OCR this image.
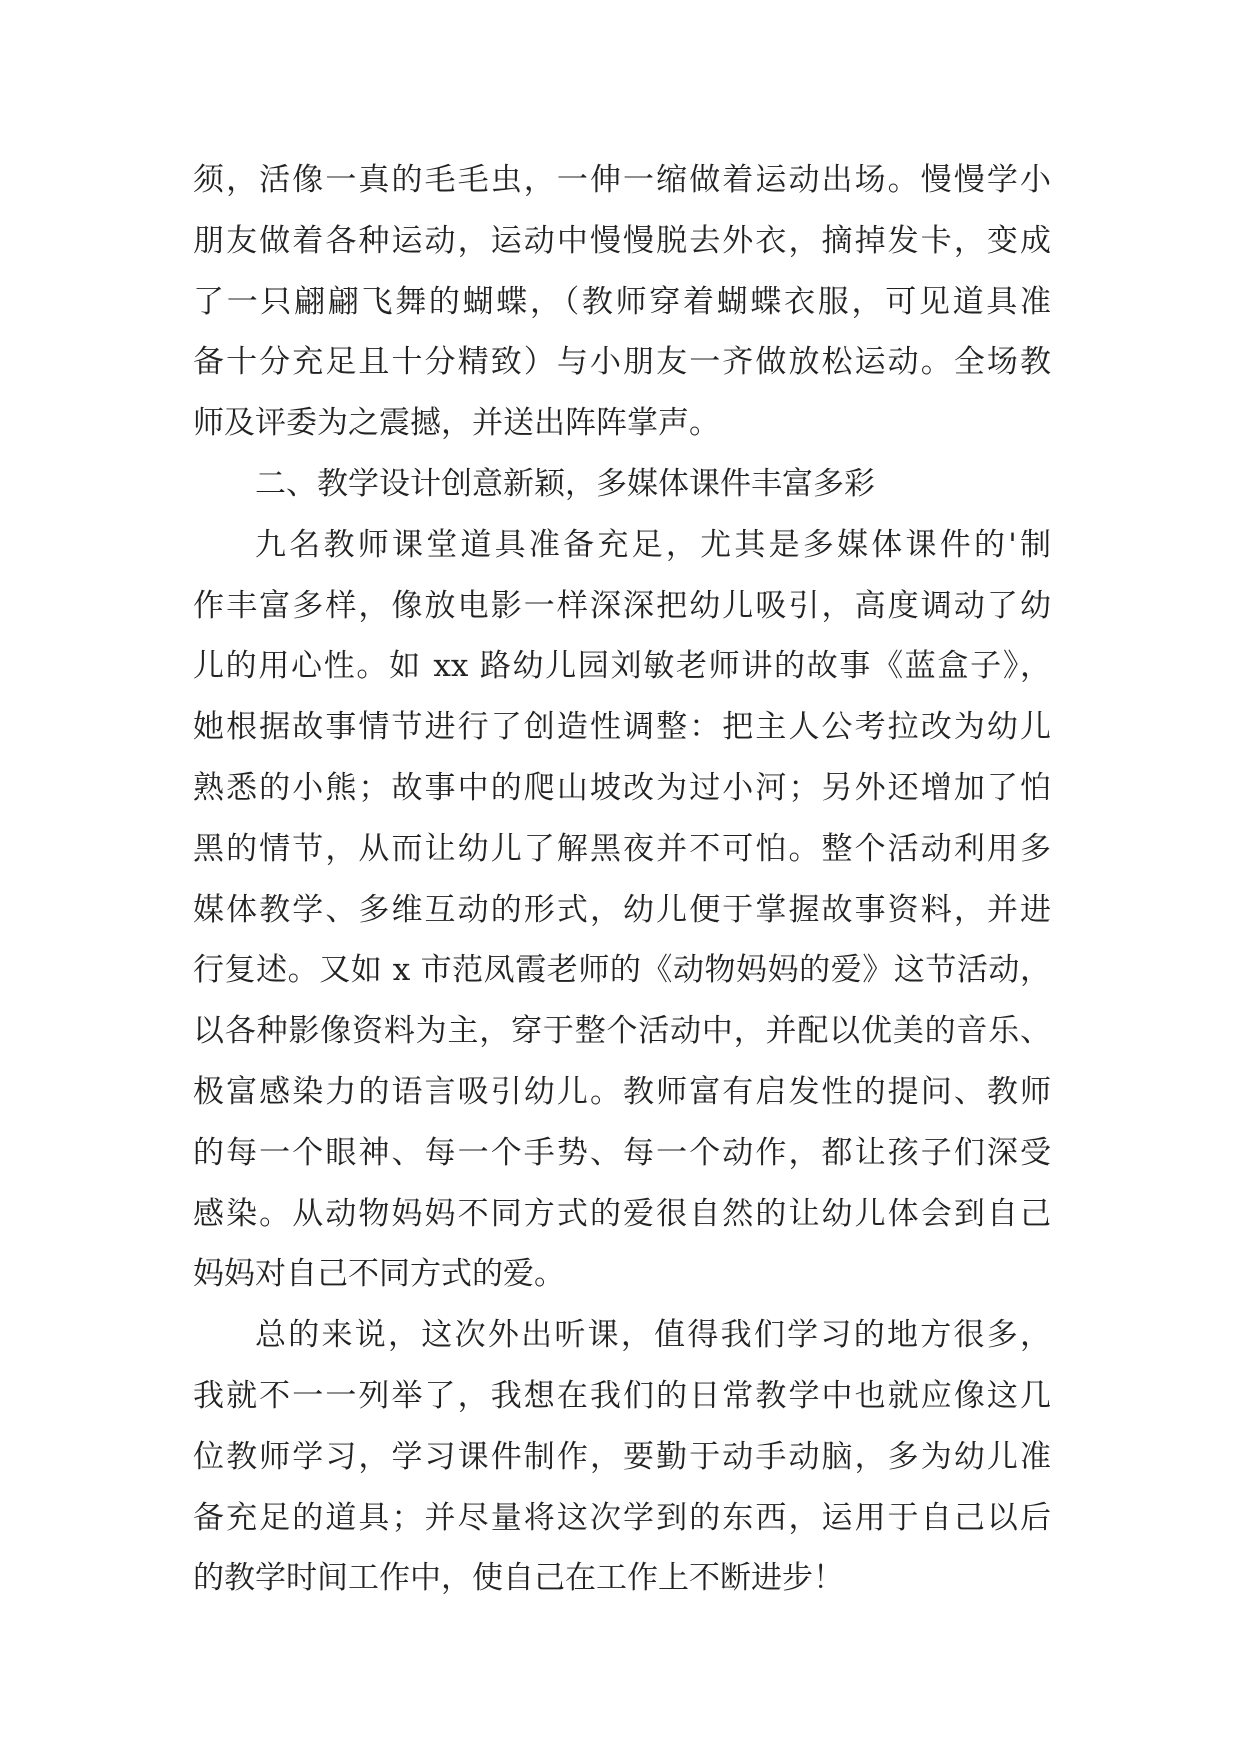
须，活像一真的毛毛虫，一伸一缩做着运动出场。慢慢学小
朋友做着各种运动，运动中慢慢脱去外衣，摘掉发卡，变成
了一只翩翩飞舞的蝴蝶，（教师穿着蝴蝶衣服，可见道具准
备十分充足且十分精致）与小朋友一齐做放松运动。全场教
师及评委为之震撼，并送出阵阵掌声。
二、教学设计创意新颖，多媒体课件丰富多彩
九名教师课堂道具准备充足，尤其是多媒体课件的'制
作丰富多样，像放电影一样深深把幼儿吸引，高度调动了幼
儿的用心性。如 xx 路幼儿园刘敏老师讲的故事《蓝盒子》，
她根据故事情节进行了创造性调整：把主人公考拉改为幼儿
熟悉的小熊；故事中的爬山坡改为过小河；另外还增加了怕
黑的情节，从而让幼儿了解黑夜并不可怕。整个活动利用多
媒体教学、多维互动的形式，幼儿便于掌握故事资料，并进
行复述。又如 x 市范凤霞老师的《动物妈妈的爱》这节活动，
以各种影像资料为主，穿于整个活动中，并配以优美的音乐、
极富感染力的语言吸引幼儿。教师富有启发性的提问、教师
的每一个眼神、每一个手势、每一个动作，都让孩子们深受
感染。从动物妈妈不同方式的爱很自然的让幼儿体会到自己
妈妈对自己不同方式的爱。
总的来说，这次外出听课，值得我们学习的地方很多，
我就不一一列举了，我想在我们的日常教学中也就应像这几
位教师学习，学习课件制作，要勤于动手动脑，多为幼儿准
备充足的道具；并尽量将这次学到的东西，运用于自己以后
的教学时间工作中，使自己在工作上不断进步！
